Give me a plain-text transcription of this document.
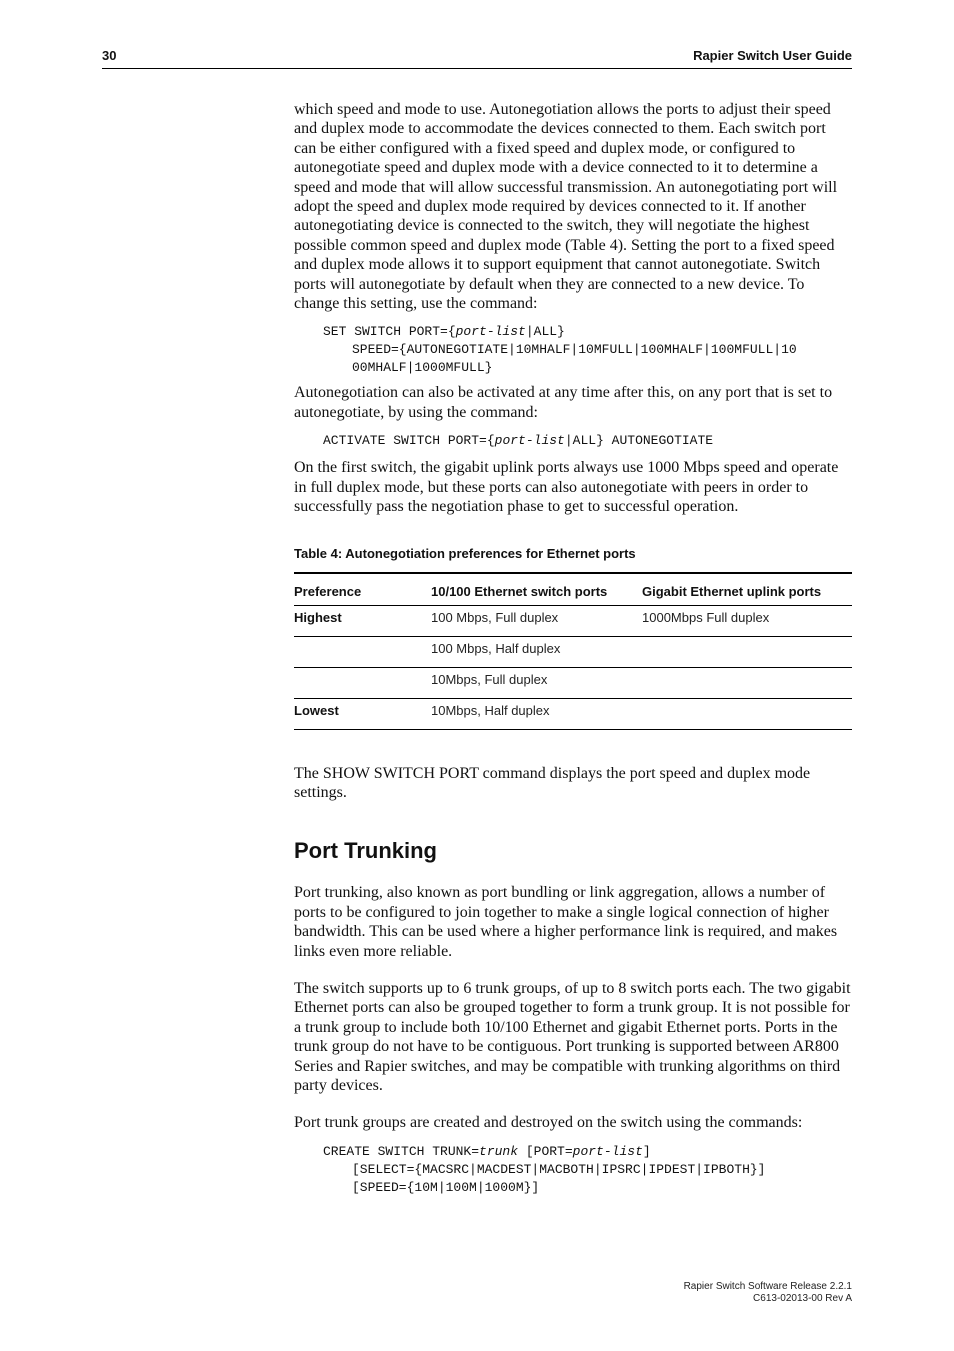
30	Rapier Switch User Guide

which speed and mode to use. Autonegotiation allows the ports to adjust their speed and duplex mode to accommodate the devices connected to them. Each switch port can be either configured with a fixed speed and duplex mode, or configured to autonegotiate speed and duplex mode with a device connected to it to determine a speed and mode that will allow successful transmission. An autonegotiating port will adopt the speed and duplex mode required by devices connected to it. If another autonegotiating device is connected to the switch, they will negotiate the highest possible common speed and duplex mode (Table 4). Setting the port to a fixed speed and duplex mode allows it to support equipment that cannot autonegotiate. Switch ports will autonegotiate by default when they are connected to a new device. To change this setting, use the command:

SET SWITCH PORT={port-list|ALL}
SPEED={AUTONEGOTIATE|10MHALF|10MFULL|100MHALF|100MFULL|10
00MHALF|1000MFULL}

Autonegotiation can also be activated at any time after this, on any port that is set to autonegotiate, by using the command:

ACTIVATE SWITCH PORT={port-list|ALL} AUTONEGOTIATE

On the first switch, the gigabit uplink ports always use 1000 Mbps speed and operate in full duplex mode, but these ports can also autonegotiate with peers in order to successfully pass the negotiation phase to get to successful operation.

Table 4: Autonegotiation preferences for Ethernet ports

Preference	10/100 Ethernet switch ports	Gigabit Ethernet uplink ports
Highest	100 Mbps, Full duplex	1000Mbps Full duplex
	100 Mbps, Half duplex	
	10Mbps, Full duplex	
Lowest	10Mbps, Half duplex	

The SHOW SWITCH PORT command displays the port speed and duplex mode settings.

Port Trunking

Port trunking, also known as port bundling or link aggregation, allows a number of ports to be configured to join together to make a single logical connection of higher bandwidth. This can be used where a higher performance link is required, and makes links even more reliable.

The switch supports up to 6 trunk groups, of up to 8 switch ports each. The two gigabit Ethernet ports can also be grouped together to form a trunk group. It is not possible for a trunk group to include both 10/100 Ethernet and gigabit Ethernet ports. Ports in the trunk group do not have to be contiguous. Port trunking is supported between AR800 Series and Rapier switches, and may be compatible with trunking algorithms on third party devices.

Port trunk groups are created and destroyed on the switch using the commands:

CREATE SWITCH TRUNK=trunk [PORT=port-list]
[SELECT={MACSRC|MACDEST|MACBOTH|IPSRC|IPDEST|IPBOTH}]
[SPEED={10M|100M|1000M}]
Rapier Switch Software Release 2.2.1
C613-02013-00 Rev A
